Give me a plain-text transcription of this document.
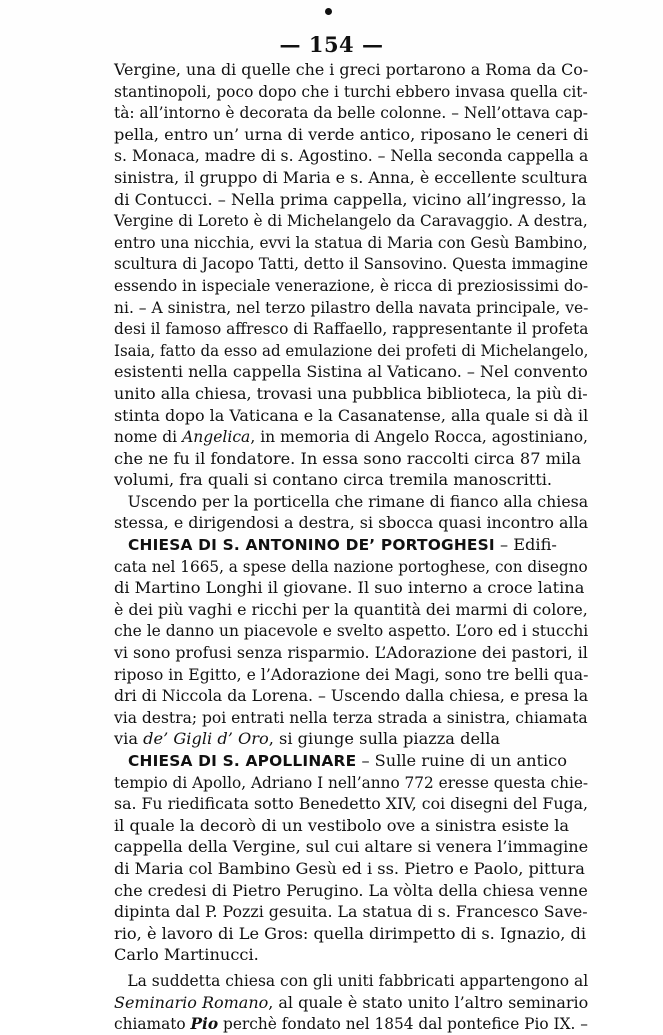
— 154 —
Vergine, una di quelle che i greci portarono a Roma da Co-
stantinopoli, poco dopo che i turchi ebbero invasa quella cit-
tà: all’intorno è decorata da belle colonne. – Nell’ottava cap-
pella, entro un’ urna di verde antico, riposano le ceneri di
s. Monaca, madre di s. Agostino. – Nella seconda cappella a
sinistra, il gruppo di Maria e s. Anna, è eccellente scultura
di Contucci. – Nella prima cappella, vicino all’ingresso, la
Vergine di Loreto è di Michelangelo da Caravaggio. A destra,
entro una nicchia, evvi la statua di Maria con Gesù Bambino,
scultura di Jacopo Tatti, detto il Sansovino. Questa immagine
essendo in ispeciale venerazione, è ricca di preziosissimi do-
ni. – A sinistra, nel terzo pilastro della navata principale, ve-
desi il famoso affresco di Raffaello, rappresentante il profeta
Isaia, fatto da esso ad emulazione dei profeti di Michelangelo,
esistenti nella cappella Sistina al Vaticano. – Nel convento
unito alla chiesa, trovasi una pubblica biblioteca, la più di-
stinta dopo la Vaticana e la Casanatense, alla quale si dà il
nome di Angelica, in memoria di Angelo Rocca, agostiniano,
che ne fu il fondatore. In essa sono raccolti circa 87 mila
volumi, fra quali si contano circa tremila manoscritti.
Uscendo per la porticella che rimane di fianco alla chiesa
stessa, e dirigendosi a destra, si sbocca quasi incontro alla
CHIESA DI S. ANTONINO DE’ PORTOGHESI – Edifi-
cata nel 1665, a spese della nazione portoghese, con disegno
di Martino Longhi il giovane. Il suo interno a croce latina
è dei più vaghi e ricchi per la quantità dei marmi di colore,
che le danno un piacevole e svelto aspetto. L’oro ed i stucchi
vi sono profusi senza risparmio. L’Adorazione dei pastori, il
riposo in Egitto, e l’Adorazione dei Magi, sono tre belli qua-
dri di Niccola da Lorena. – Uscendo dalla chiesa, e presa la
via destra; poi entrati nella terza strada a sinistra, chiamata
via de’ Gigli d’ Oro, si giunge sulla piazza della
CHIESA DI S. APOLLINARE – Sulle ruine di un antico
tempio di Apollo, Adriano I nell’anno 772 eresse questa chie-
sa. Fu riedificata sotto Benedetto XIV, coi disegni del Fuga,
il quale la decorò di un vestibolo ove a sinistra esiste la
cappella della Vergine, sul cui altare si venera l’immagine
di Maria col Bambino Gesù ed i ss. Pietro e Paolo, pittura
che credesi di Pietro Perugino. La vòlta della chiesa venne
dipinta dal P. Pozzi gesuita. La statua di s. Francesco Save-
rio, è lavoro di Le Gros: quella dirimpetto di s. Ignazio, di
Carlo Martinucci.
La suddetta chiesa con gli uniti fabbricati appartengono al
Seminario Romano, al quale è stato unito l’altro seminario
chiamato Pio perchè fondato nel 1854 dal pontefice Pio IX. –
